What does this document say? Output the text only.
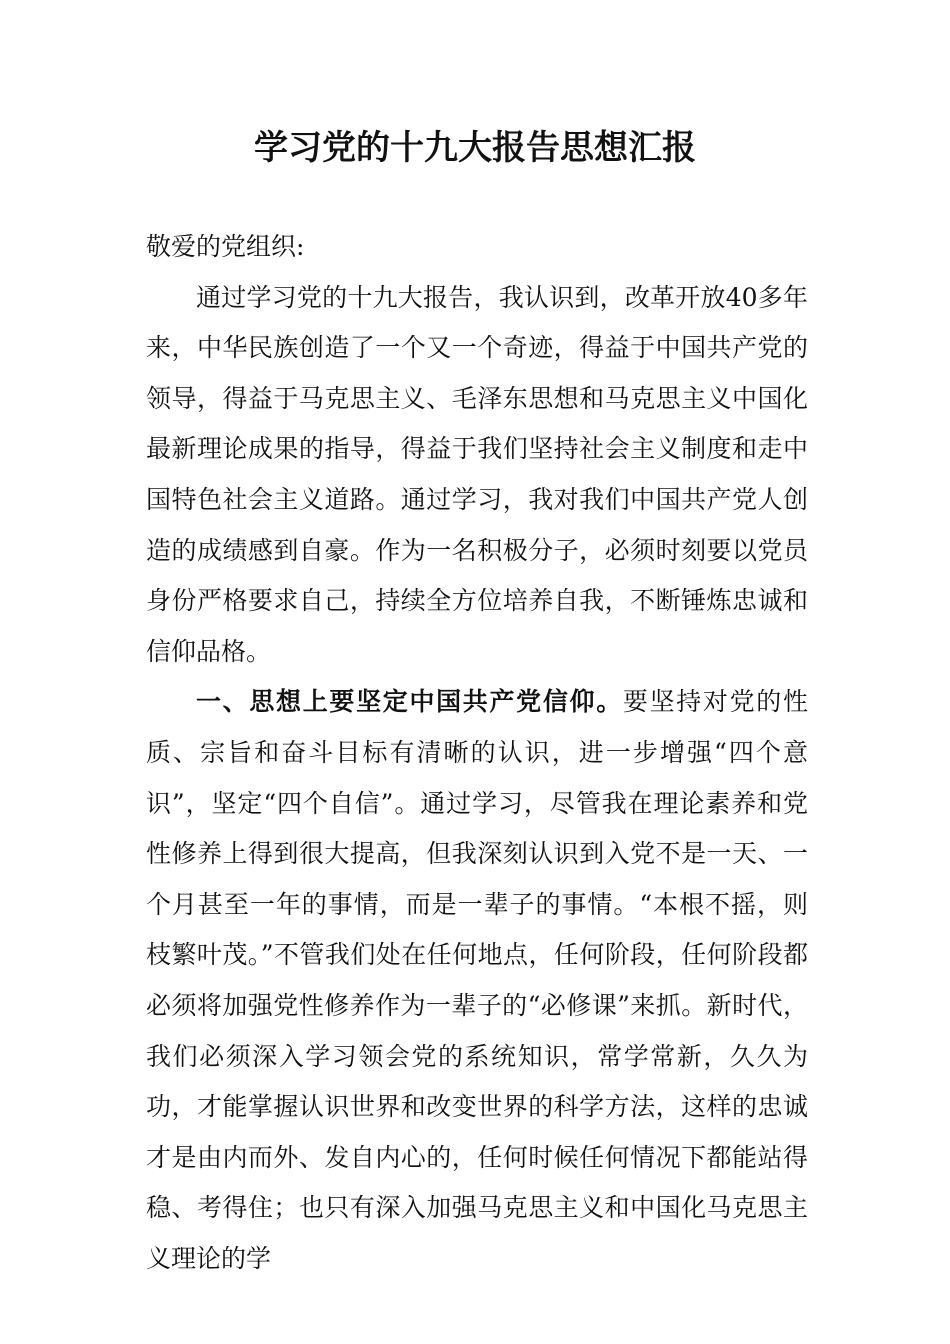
学习党的十九大报告思想汇报

敬爱的党组织:

通过学习党的十九大报告，我认识到，改革开放40多年来，中华民族创造了一个又一个奇迹，得益于中国共产党的领导，得益于马克思主义、毛泽东思想和马克思主义中国化最新理论成果的指导，得益于我们坚持社会主义制度和走中国特色社会主义道路。通过学习，我对我们中国共产党人创造的成绩感到自豪。作为一名积极分子，必须时刻要以党员身份严格要求自己，持续全方位培养自我，不断锤炼忠诚和信仰品格。

一、思想上要坚定中国共产党信仰。要坚持对党的性质、宗旨和奋斗目标有清晰的认识，进一步增强“四个意识”，坚定“四个自信”。通过学习，尽管我在理论素养和党性修养上得到很大提高，但我深刻认识到入党不是一天、一个月甚至一年的事情，而是一辈子的事情。“本根不摇，则枝繁叶茂。”不管我们处在任何地点，任何阶段，任何阶段都必须将加强党性修养作为一辈子的“必修课”来抓。新时代，我们必须深入学习领会党的系统知识，常学常新，久久为功，才能掌握认识世界和改变世界的科学方法，这样的忠诚才是由内而外、发自内心的，任何时候任何情况下都能站得稳、考得住；也只有深入加强马克思主义和中国化马克思主义理论的学
